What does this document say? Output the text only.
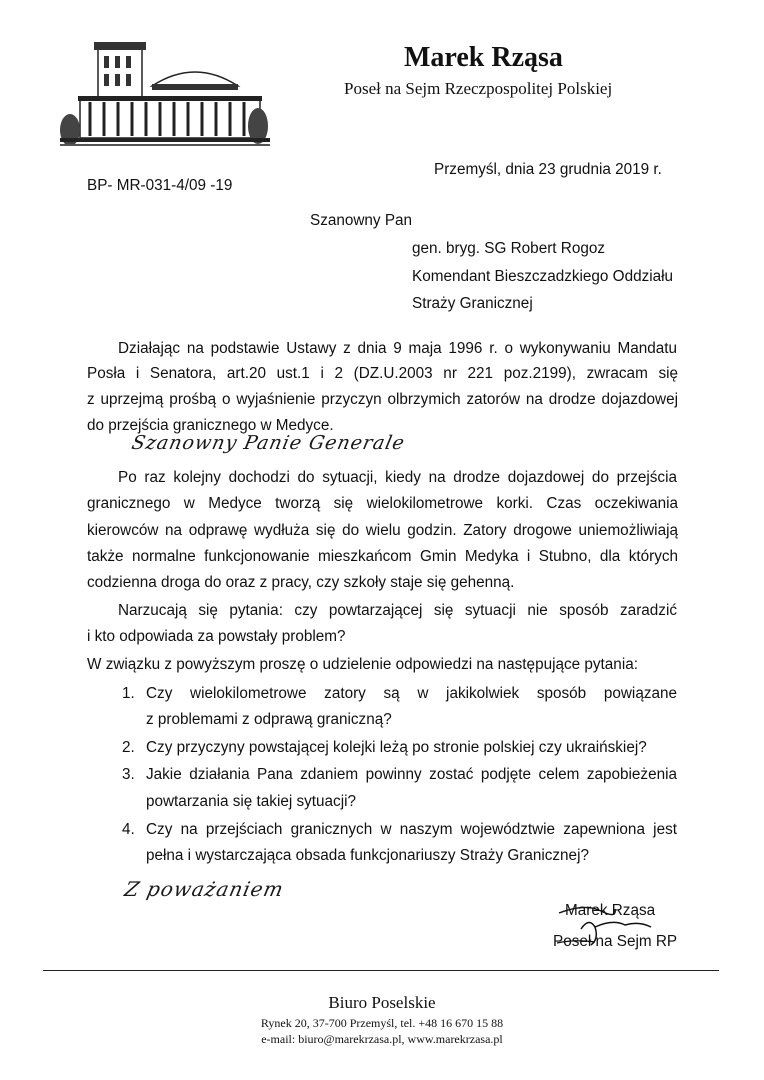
Marek Rząsa
Poseł na Sejm Rzeczpospolitej Polskiej
Przemyśl, dnia 23 grudnia 2019 r.
BP- MR-031-4/09 -19
Szanowny Pan
gen. bryg. SG Robert Rogoz
Komendant Bieszczadzkiego Oddziału
Straży Granicznej
Działając na podstawie Ustawy z dnia 9 maja 1996 r. o wykonywaniu Mandatu
Posła i Senatora, art.20 ust.1 i 2 (DZ.U.2003 nr 221 poz.2199), zwracam się
z uprzejmą prośbą o wyjaśnienie przyczyn olbrzymich zatorów na drodze dojazdowej
do przejścia granicznego w Medyce.
Szanowny Panie Generale
Po raz kolejny dochodzi do sytuacji, kiedy na drodze dojazdowej do przejścia
granicznego w Medyce tworzą się wielokilometrowe korki. Czas oczekiwania
kierowców na odprawę wydłuża się do wielu godzin. Zatory drogowe uniemożliwiają
także normalne funkcjonowanie mieszkańcom Gmin Medyka i Stubno, dla których
codzienna droga do oraz z pracy, czy szkoły staje się gehenną.
Narzucają się pytania: czy powtarzającej się sytuacji nie sposób zaradzić
i kto odpowiada za powstały problem?
W związku z powyższym proszę o udzielenie odpowiedzi na następujące pytania:
1. Czy wielokilometrowe zatory są w jakikolwiek sposób powiązane
z problemami z odprawą graniczną?
2. Czy przyczyny powstającej kolejki leżą po stronie polskiej czy ukraińskiej?
3. Jakie działania Pana zdaniem powinny zostać podjęte celem zapobieżenia
powtarzania się takiej sytuacji?
4. Czy na przejściach granicznych w naszym województwie zapewniona jest
pełna i wystarczająca obsada funkcjonariuszy Straży Granicznej?
Z poważaniem
Marek Rząsa
Poseł na Sejm RP
Biuro Poselskie
Rynek 20, 37-700 Przemyśl, tel. +48 16 670 15 88
e-mail: biuro@marekrzasa.pl, www.marekrzasa.pl
